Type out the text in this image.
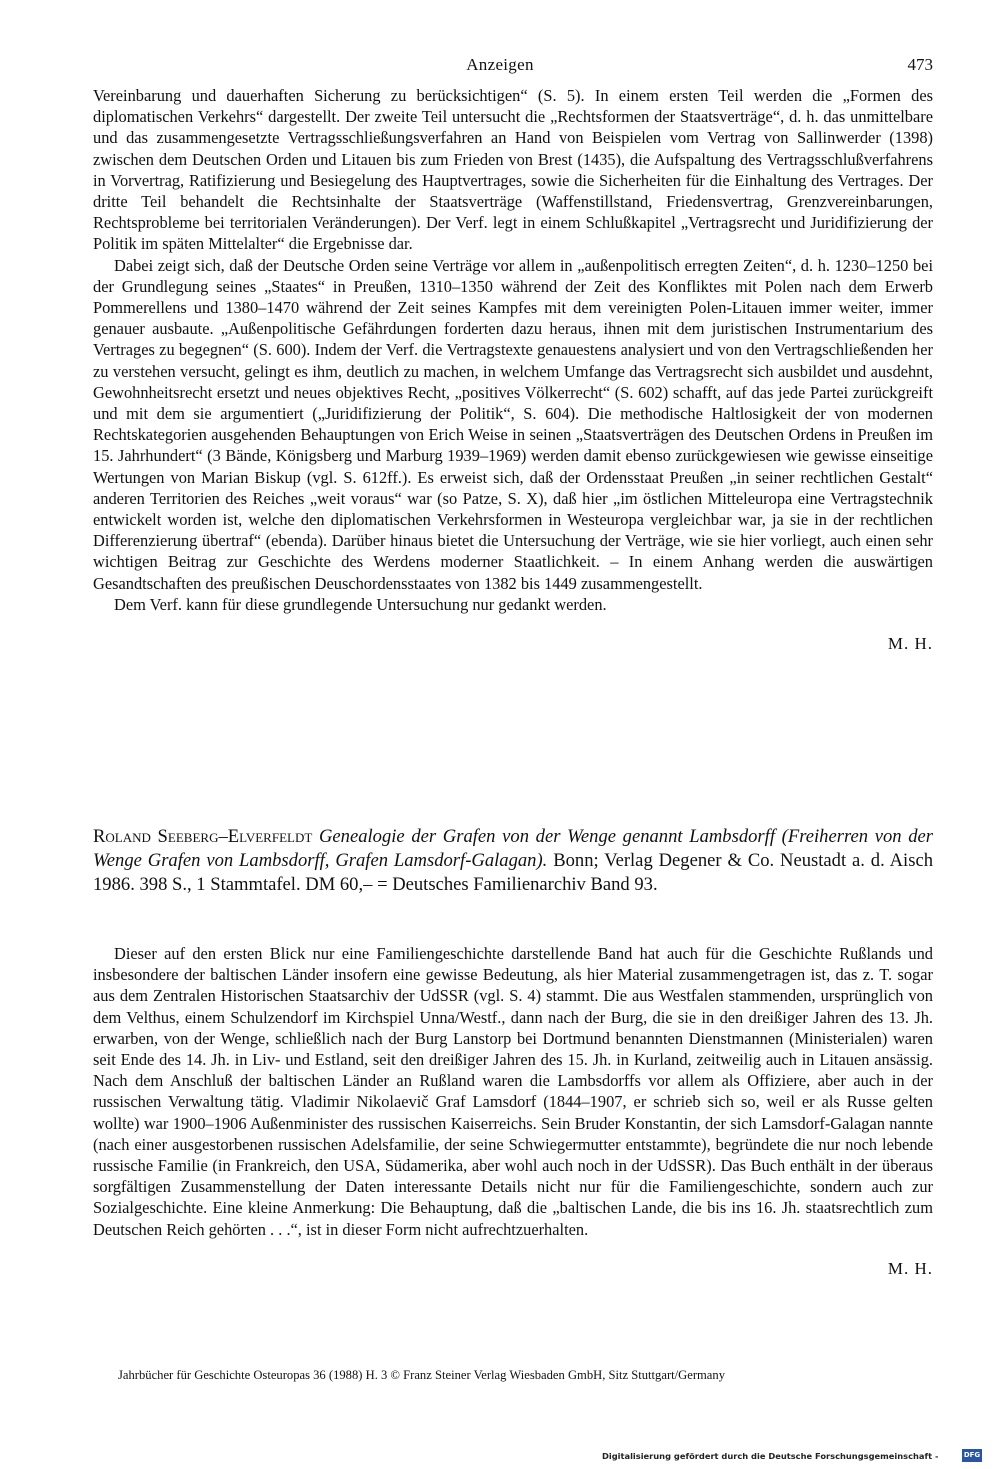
Anzeigen	473

Vereinbarung und dauerhaften Sicherung zu berücksichtigen“ (S. 5). In einem ersten Teil werden die „Formen des diplomatischen Verkehrs“ dargestellt. Der zweite Teil untersucht die „Rechtsformen der Staatsverträge“, d. h. das unmittelbare und das zusammengesetzte Vertragsschließungsverfahren an Hand von Beispielen vom Vertrag von Sallinwerder (1398) zwischen dem Deutschen Orden und Litauen bis zum Frieden von Brest (1435), die Aufspaltung des Vertragsschlußverfahrens in Vorvertrag, Ratifizierung und Besiegelung des Hauptvertrages, sowie die Sicherheiten für die Einhaltung des Vertrages. Der dritte Teil behandelt die Rechtsinhalte der Staatsverträge (Waffenstillstand, Friedensvertrag, Grenzvereinbarungen, Rechtsprobleme bei territorialen Veränderungen). Der Verf. legt in einem Schlußkapitel „Vertragsrecht und Juridifizierung der Politik im späten Mittelalter“ die Ergebnisse dar.

Dabei zeigt sich, daß der Deutsche Orden seine Verträge vor allem in „außenpolitisch erregten Zeiten“, d. h. 1230–1250 bei der Grundlegung seines „Staates“ in Preußen, 1310–1350 während der Zeit des Konfliktes mit Polen nach dem Erwerb Pommerellens und 1380–1470 während der Zeit seines Kampfes mit dem vereinigten Polen-Litauen immer weiter, immer genauer ausbaute. „Außenpolitische Gefährdungen forderten dazu heraus, ihnen mit dem juristischen Instrumentarium des Vertrages zu begegnen“ (S. 600). Indem der Verf. die Vertragstexte genauestens analysiert und von den Vertragschließenden her zu verstehen versucht, gelingt es ihm, deutlich zu machen, in welchem Umfange das Vertragsrecht sich ausbildet und ausdehnt, Gewohnheitsrecht ersetzt und neues objektives Recht, „positives Völkerrecht“ (S. 602) schafft, auf das jede Partei zurückgreift und mit dem sie argumentiert („Juridifizierung der Politik“, S. 604). Die methodische Haltlosigkeit der von modernen Rechtskategorien ausgehenden Behauptungen von Erich Weise in seinen „Staatsverträgen des Deutschen Ordens in Preußen im 15. Jahrhundert“ (3 Bände, Königsberg und Marburg 1939–1969) werden damit ebenso zurückgewiesen wie gewisse einseitige Wertungen von Marian Biskup (vgl. S. 612ff.). Es erweist sich, daß der Ordensstaat Preußen „in seiner rechtlichen Gestalt“ anderen Territorien des Reiches „weit voraus“ war (so Patze, S. X), daß hier „im östlichen Mitteleuropa eine Vertragstechnik entwickelt worden ist, welche den diplomatischen Verkehrsformen in Westeuropa vergleichbar war, ja sie in der rechtlichen Differenzierung übertraf“ (ebenda). Darüber hinaus bietet die Untersuchung der Verträge, wie sie hier vorliegt, auch einen sehr wichtigen Beitrag zur Geschichte des Werdens moderner Staatlichkeit. – In einem Anhang werden die auswärtigen Gesandtschaften des preußischen Deuschordensstaates von 1382 bis 1449 zusammengestellt.

Dem Verf. kann für diese grundlegende Untersuchung nur gedankt werden.

M. H.

Roland Seeberg–Elverfeldt Genealogie der Grafen von der Wenge genannt Lambsdorff (Freiherren von der Wenge Grafen von Lambsdorff, Grafen Lamsdorf-Galagan). Bonn; Verlag Degener & Co. Neustadt a. d. Aisch 1986. 398 S., 1 Stammtafel. DM 60,– = Deutsches Familienarchiv Band 93.

Dieser auf den ersten Blick nur eine Familiengeschichte darstellende Band hat auch für die Geschichte Rußlands und insbesondere der baltischen Länder insofern eine gewisse Bedeutung, als hier Material zusammengetragen ist, das z. T. sogar aus dem Zentralen Historischen Staatsarchiv der UdSSR (vgl. S. 4) stammt. Die aus Westfalen stammenden, ursprünglich von dem Velthus, einem Schulzendorf im Kirchspiel Unna/Westf., dann nach der Burg, die sie in den dreißiger Jahren des 13. Jh. erwarben, von der Wenge, schließlich nach der Burg Lanstorp bei Dortmund benannten Dienstmannen (Ministerialen) waren seit Ende des 14. Jh. in Liv- und Estland, seit den dreißiger Jahren des 15. Jh. in Kurland, zeitweilig auch in Litauen ansässig. Nach dem Anschluß der baltischen Länder an Rußland waren die Lambsdorffs vor allem als Offiziere, aber auch in der russischen Verwaltung tätig. Vladimir Nikolaevič Graf Lamsdorf (1844–1907, er schrieb sich so, weil er als Russe gelten wollte) war 1900–1906 Außenminister des russischen Kaiserreichs. Sein Bruder Konstantin, der sich Lamsdorf-Galagan nannte (nach einer ausgestorbenen russischen Adelsfamilie, der seine Schwiegermutter entstammte), begründete die nur noch lebende russische Familie (in Frankreich, den USA, Südamerika, aber wohl auch noch in der UdSSR). Das Buch enthält in der überaus sorgfältigen Zusammenstellung der Daten interessante Details nicht nur für die Familiengeschichte, sondern auch zur Sozialgeschichte. Eine kleine Anmerkung: Die Behauptung, daß die „baltischen Lande, die bis ins 16. Jh. staatsrechtlich zum Deutschen Reich gehörten . . .“, ist in dieser Form nicht aufrechtzuerhalten.

M. H.
Jahrbücher für Geschichte Osteuropas 36 (1988) H. 3 © Franz Steiner Verlag Wiesbaden GmbH, Sitz Stuttgart/Germany
Digitalisierung gefördert durch die Deutsche Forschungsgemeinschaft -	DFG
